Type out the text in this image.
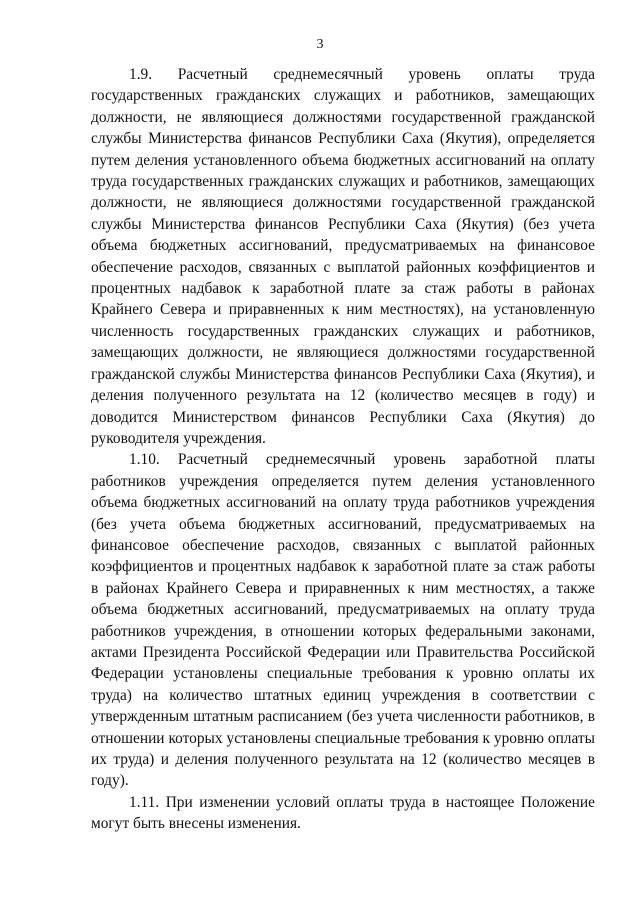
3

1.9. Расчетный среднемесячный уровень оплаты труда государственных гражданских служащих и работников, замещающих должности, не являющиеся должностями государственной гражданской службы Министерства финансов Республики Саха (Якутия), определяется путем деления установленного объема бюджетных ассигнований на оплату труда государственных гражданских служащих и работников, замещающих должности, не являющиеся должностями государственной гражданской службы Министерства финансов Республики Саха (Якутия) (без учета объема бюджетных ассигнований, предусматриваемых на финансовое обеспечение расходов, связанных с выплатой районных коэффициентов и процентных надбавок к заработной плате за стаж работы в районах Крайнего Севера и приравненных к ним местностях), на установленную численность государственных гражданских служащих и работников, замещающих должности, не являющиеся должностями государственной гражданской службы Министерства финансов Республики Саха (Якутия), и деления полученного результата на 12 (количество месяцев в году) и доводится Министерством финансов Республики Саха (Якутия) до руководителя учреждения.

1.10. Расчетный среднемесячный уровень заработной платы работников учреждения определяется путем деления установленного объема бюджетных ассигнований на оплату труда работников учреждения (без учета объема бюджетных ассигнований, предусматриваемых на финансовое обеспечение расходов, связанных с выплатой районных коэффициентов и процентных надбавок к заработной плате за стаж работы в районах Крайнего Севера и приравненных к ним местностях, а также объема бюджетных ассигнований, предусматриваемых на оплату труда работников учреждения, в отношении которых федеральными законами, актами Президента Российской Федерации или Правительства Российской Федерации установлены специальные требования к уровню оплаты их труда) на количество штатных единиц учреждения в соответствии с утвержденным штатным расписанием (без учета численности работников, в отношении которых установлены специальные требования к уровню оплаты их труда) и деления полученного результата на 12 (количество месяцев в году).

1.11. При изменении условий оплаты труда в настоящее Положение могут быть внесены изменения.
